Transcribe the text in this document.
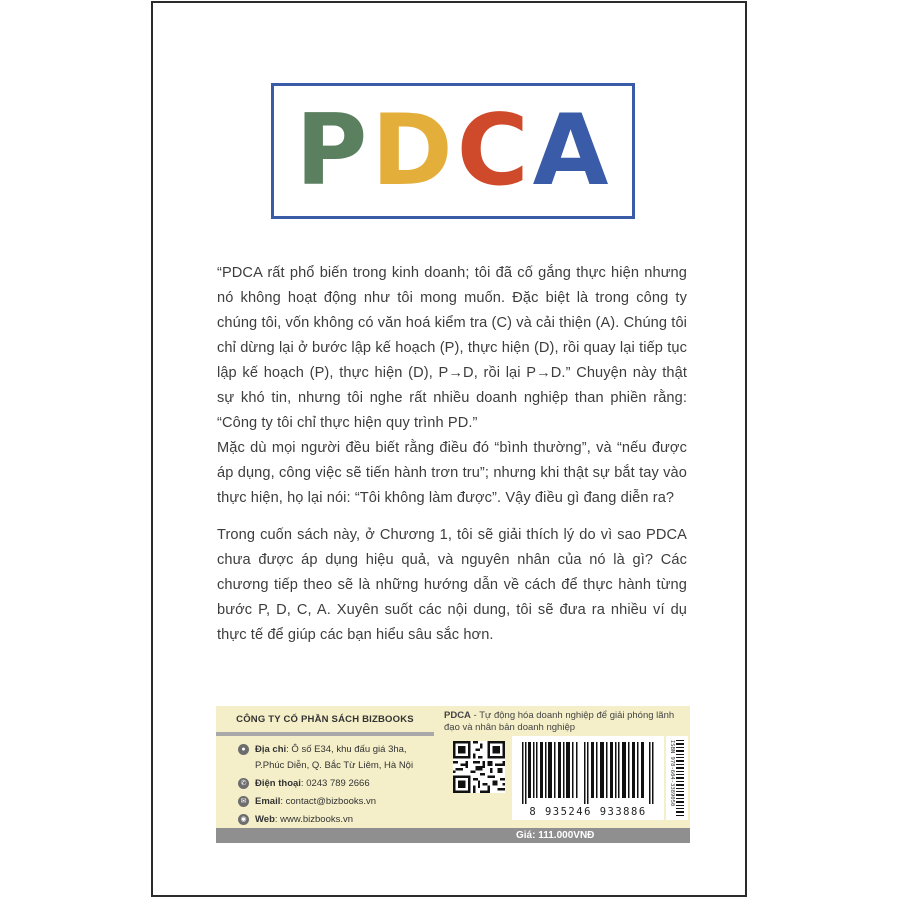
P D C A

“PDCA rất phổ biến trong kinh doanh; tôi đã cố gắng thực hiện nhưng nó không hoạt động như tôi mong muốn. Đặc biệt là trong công ty chúng tôi, vốn không có văn hoá kiểm tra (C) và cải thiện (A). Chúng tôi chỉ dừng lại ở bước lập kế hoạch (P), thực hiện (D), rồi quay lại tiếp tục lập kế hoạch (P), thực hiện (D), P→D, rồi lại P→D.” Chuyện này thật sự khó tin, nhưng tôi nghe rất nhiều doanh nghiệp than phiền rằng: “Công ty tôi chỉ thực hiện quy trình PD.”

Mặc dù mọi người đều biết rằng điều đó “bình thường”, và “nếu được áp dụng, công việc sẽ tiến hành trơn tru”; nhưng khi thật sự bắt tay vào thực hiện, họ lại nói: “Tôi không làm được”. Vậy điều gì đang diễn ra?

Trong cuốn sách này, ở Chương 1, tôi sẽ giải thích lý do vì sao PDCA chưa được áp dụng hiệu quả, và nguyên nhân của nó là gì? Các chương tiếp theo sẽ là những hướng dẫn về cách để thực hành từng bước P, D, C, A. Xuyên suốt các nội dung, tôi sẽ đưa ra nhiều ví dụ thực tế để giúp các bạn hiểu sâu sắc hơn.

CÔNG TY CỔ PHẦN SÁCH BIZBOOKS	PDCA - Tự động hóa doanh nghiệp để giải phóng lãnh đạo và nhân bản doanh nghiệp
● Địa chỉ: Ô số E34, khu đấu giá 3ha, P.Phúc Diễn, Q. Bắc Từ Liêm, Hà Nội
✆ Điện thoại: 0243 789 2666
✉ Email: contact@bizbooks.vn
◉ Web: www.bizbooks.vn
8 935246 933886
ISBN 978-604-3389050
Giá: 111.000VNĐ
